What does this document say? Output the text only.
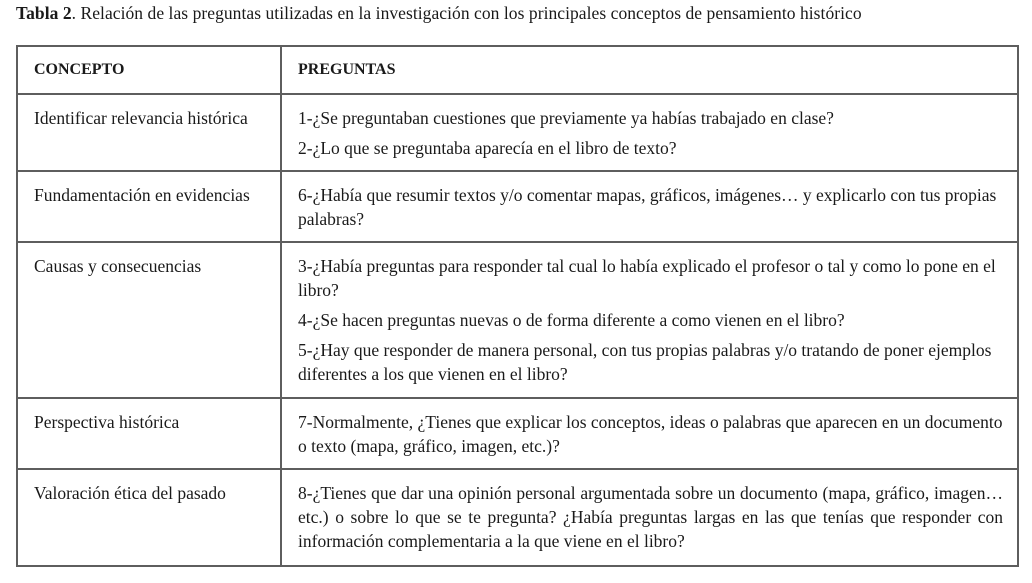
Tabla 2. Relación de las preguntas utilizadas en la investigación con los principales conceptos de pensamiento histórico
CONCEPTO	PREGUNTAS
Identificar relevancia histórica	1-¿Se preguntaban cuestiones que previamente ya habías trabajado en clase?

2-¿Lo que se preguntaba aparecía en el libro de texto?

Fundamentación en evidencias	6-¿Había que resumir textos y/o comentar mapas, gráficos, imágenes… y explicarlo con tus propias palabras?

Causas y consecuencias	3-¿Había preguntas para responder tal cual lo había explicado el profesor o tal y como lo pone en el libro?

4-¿Se hacen preguntas nuevas o de forma diferente a como vienen en el libro?

5-¿Hay que responder de manera personal, con tus propias palabras y/o tratando de poner ejemplos diferentes a los que vienen en el libro?

Perspectiva histórica	7-Normalmente, ¿Tienes que explicar los conceptos, ideas o palabras que aparecen en un documento o texto (mapa, gráfico, imagen, etc.)?

Valoración ética del pasado	8-¿Tienes que dar una opinión personal argumentada sobre un documento (mapa, gráfico, imagen…etc.) o sobre lo que se te pregunta? ¿Había preguntas largas en las que tenías que responder con información complementaria a la que viene en el libro?
